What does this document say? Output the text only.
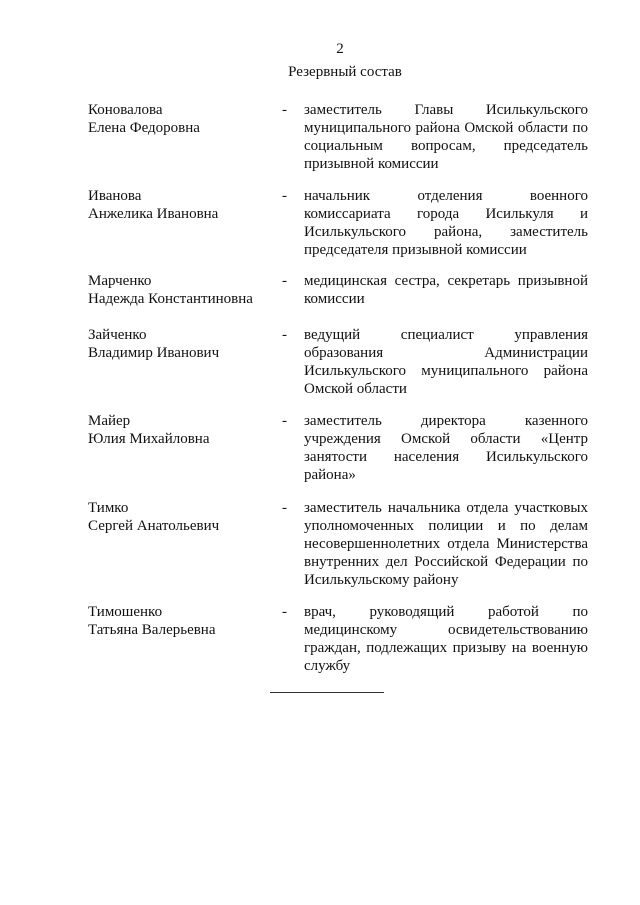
2
Резервный состав
Коновалова
Елена Федоровна
- заместитель Главы Исилькульского муниципального района Омской области по социальным вопросам, председатель призывной комиссии
Иванова
Анжелика Ивановна
- начальник отделения военного комиссариата города Исилькуля и Исилькульского района, заместитель председателя призывной комиссии
Марченко
Надежда Константиновна
- медицинская сестра, секретарь призывной комиссии
Зайченко
Владимир Иванович
- ведущий специалист управления образования Администрации Исилькульского муниципального района Омской области
Майер
Юлия Михайловна
- заместитель директора казенного учреждения Омской области «Центр занятости населения Исилькульского района»
Тимко
Сергей Анатольевич
- заместитель начальника отдела участковых уполномоченных полиции и по делам несовершеннолетних отдела Министерства внутренних дел Российской Федерации по Исилькульскому району
Тимошенко
Татьяна Валерьевна
- врач, руководящий работой по медицинскому освидетельствованию граждан, подлежащих призыву на военную службу
